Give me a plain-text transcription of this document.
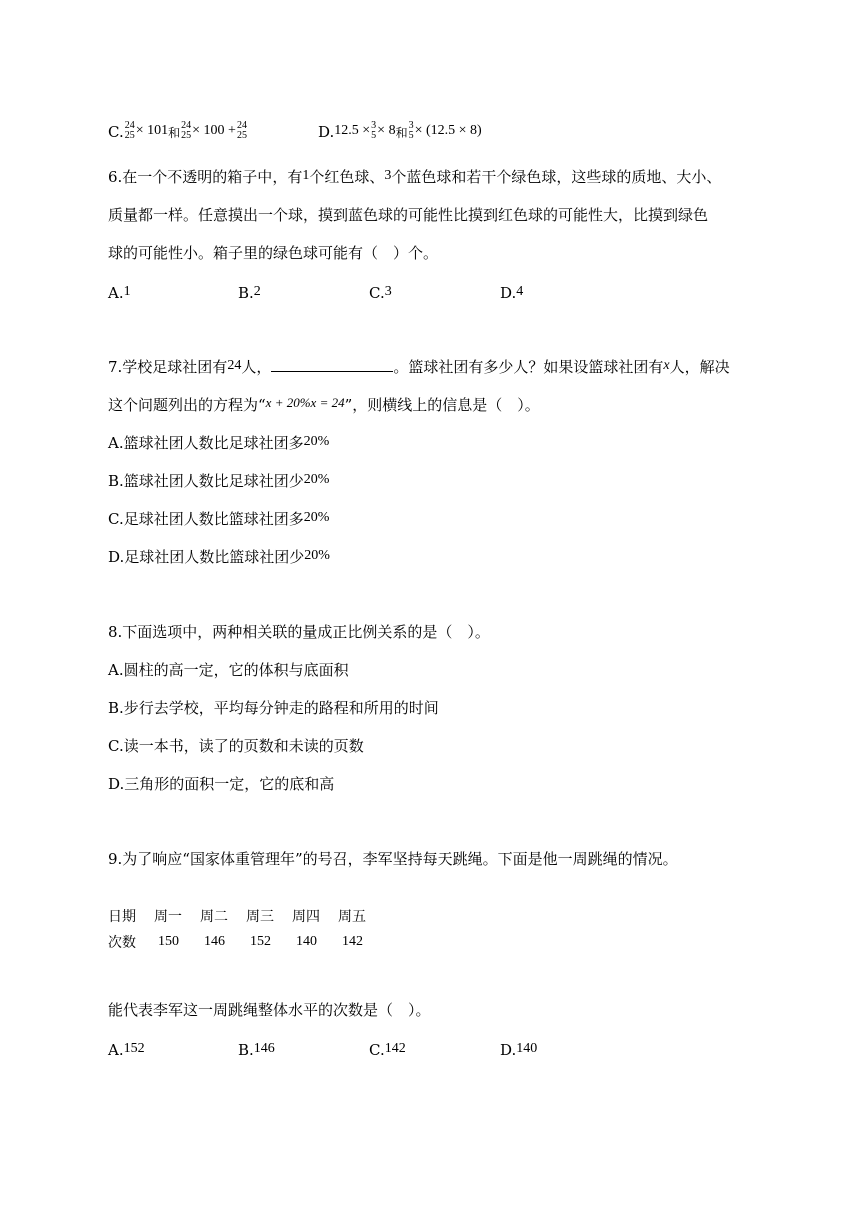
C. 24
25 × 101和
24
25 × 100 + 24
25	D.12.5 × 3
5 × 8和
3
5 × (12.5 × 8)
6.在一个不透明的箱子中，有1个红色球、3个蓝色球和若干个绿色球，这些球的质地、大小、
质量都一样。任意摸出一个球，摸到蓝色球的可能性比摸到红色球的可能性大，比摸到绿色
球的可能性小。箱子里的绿色球可能有（　）个。
A.1	B.2	C.3	D.4
7.学校足球社团有24人，	。篮球社团有多少人？如果设篮球社团有x人，解决
这个问题列出的方程为“x + 20%x = 24”，则横线上的信息是（　）。
A.篮球社团人数比足球社团多20%
B.篮球社团人数比足球社团少20%
C.足球社团人数比篮球社团多20%
D.足球社团人数比篮球社团少20%
8.下面选项中，两种相关联的量成正比例关系的是（　）。
A.圆柱的高一定，它的体积与底面积
B.步行去学校，平均每分钟走的路程和所用的时间
C.读一本书，读了的页数和未读的页数
D.三角形的面积一定，它的底和高
9.为了响应“国家体重管理年”的号召，李军坚持每天跳绳。下面是他一周跳绳的情况。
日期	周一	周二	周三	周四	周五
次数	150	146	152	140	142
能代表李军这一周跳绳整体水平的次数是（　）。
A.152	B.146	C.142	D.140
